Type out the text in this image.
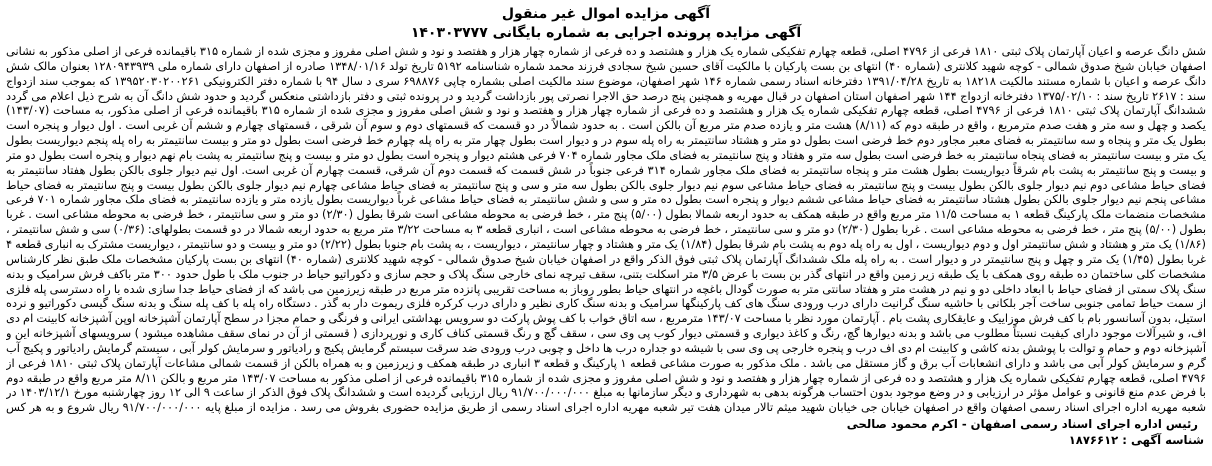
آگهی مزایده اموال غیر منقول
آگهی مزایده پرونده اجرایی به شماره بایگانی ۱۴۰۳۰۳۷۷۷
شش دانگ عرصه و اعیان آپارتمان پلاک ثبتی ۱۸۱۰ فرعی از ۴۷۹۶ اصلی، قطعه چهارم تفکیکی شماره یک هزار و هشتصد و ده فرعی از شماره چهار هزار و هفتصد و نود و شش اصلی مفروز و مجزی شده از شماره ۳۱۵ باقیمانده فرعی از اصلی مذکور به نشانی اصفهان خیابان شیخ صدوق شمالی - کوچه شهید کلانتری (شماره ۴۰) انتهای بن بست پارکیان با مالکیت آقای حسین شیخ سجادی فرزند محمد شماره شناسنامه ۵۱۹۲ تاریخ تولد ۱۳۴۸/۰۱/۱۶ صادره از اصفهان دارای شماره ملی ۱۲۸۰۹۴۳۹۳۹ بعنوان مالک شش دانگ عرصه و اعیان با شماره مستند مالکیت ۱۸۲۱۸ به تاریخ ۱۳۹۱/۰۴/۲۸ دفترخانه اسناد رسمی شماره ۱۴۶ شهر اصفهان، موضوع سند مالکیت اصلی بشماره چاپی ۶۹۸۸۷۶ سری د سال ۹۴ با شماره دفتر الکترونیکی ۱۳۹۵۲۰۳۰۲۰۰۲۶۱ که بموجب سند ازدواج سند : ۲۶۱۷ تاریخ سند : ۱۳۷۵/۰۲/۱۰ دفترخانه ازدواج ۱۴۴ شهر اصفهان استان اصفهان در قبال مهریه و همچنین پنج درصد حق الاجرا نصرتی پور بازداشت گردید و در پرونده ثبتی و دفتر بازداشتی منعکس گردید و حدود شش دانگ آن به شرح ذیل اعلام می گردد ششدانگ آپارتمان پلاک ثبتی ۱۸۱۰ فرعی از ۴۷۹۶ اصلی، قطعه چهارم تفکیکی شماره یک هزار و هشتصد و ده فرعی از شماره چهار هزار و هفتصد و نود و شش اصلی مفروز و مجزی شده از شماره ۳۱۵ باقیمانده فرعی از اصلی مذکور، به مساحت (۱۴۳/۰۷) یکصد و چهل و سه متر و هفت صدم مترمربع ، واقع در طبقه دوم که (۸/۱۱) هشت متر و یازده صدم متر مربع آن بالکن است . به حدود شمالاً در دو قسمت که قسمتهای دوم و سوم آن شرقی ، قسمتهای چهارم و ششم آن غربی است . اول دیوار و پنجره است بطول یک متر و پنجاه و سه سانتیمتر به فضای معبر مجاور دوم خط فرضی است بطول دو متر و هشتاد سانتیمتر به راه پله سوم در و دیوار است بطول چهار متر به راه پله چهارم خط فرضی است بطول دو متر و بیست سانتیمتر به راه پله پنجم دیواریست بطول یک متر و بیست سانتیمتر به فضای پنجاه سانتیمتر به خط فرضی است بطول سه متر و هفتاد و پنج سانتیمتر به فضای ملک مجاور شماره ۷۰۴ فرعی هشتم دیوار و پنجره است بطول دو متر و بیست و پنج سانتیمتر به پشت بام نهم دیوار و پنجره است بطول دو متر و بیست و پنج سانتیمتر به پشت بام شرقاً دیواریست بطول هشت متر و پنجاه سانتیمتر به فضای ملک مجاور شماره ۳۱۴ فرعی جنوباً در شش قسمت که قسمت دوم آن شرقی، قسمت چهارم آن غربی است. اول نیم دیوار جلوی بالکن بطول هفتاد سانتیمتر به فضای حیاط مشاعی دوم نیم دیوار جلوی بالکن بطول بیست و پنج سانتیمتر به فضای حیاط مشاعی سوم نیم دیوار جلوی بالکن بطول سه متر و سی و پنج سانتیمتر به فضای حیاط مشاعی چهارم نیم دیوار جلوی بالکن بطول بیست و پنج سانتیمتر به فضای حیاط مشاعی پنجم نیم دیوار جلوی بالکن بطول هشتاد سانتیمتر به فضای حیاط مشاعی ششم دیوار و پنجره است بطول ده متر و سی و شش سانتیمتر به فضای حیاط مشاعی غرباً دیواریست بطول یازده متر و یازده سانتیمتر به فضای ملک مجاور شماره ۷۰۱ فرعی مشخصات منضمات ملک پارکینگ قطعه ۱ به مساحت ۱۱/۵ متر مربع واقع در طبقه همکف به حدود اربعه شمالا بطول (۵/۰۰) پنج متر ، خط فرضی به محوطه مشاعی است شرقا بطول (۲/۳۰) دو متر و سی سانتیمتر ، خط فرضی به محوطه مشاعی است . غربا بطول (۵/۰۰) پنج متر ، خط فرضی به محوطه مشاعی است . غربا بطول (۲/۳۰) دو متر و سی سانتیمتر ، خط فرضی به محوطه مشاعی است ، انباری قطعه ۳ به مساحت ۳/۲۲ متر مربع به حدود اربعه شمالا در دو قسمت بطولهای: (۰/۳۶) سی و شش سانتیمتر ، (۱/۸۶) یک متر و هشتاد و شش سانتیمتر اول و دوم دیواریست ، اول به راه پله دوم به پشت بام شرقا بطول (۱/۸۴) یک متر و هشتاد و چهار سانتیمتر ، دیواریست ، به پشت بام جنوبا بطول (۲/۲۲) دو متر و بیست و دو سانتیمتر ، دیواریست مشترک به انباری قطعه ۴ غربا بطول (۱/۴۵) یک متر و چهل و پنج سانتیمتر در و دیوار است . به راه پله ملک ششدانگ آپارتمان پلاک ثبتی فوق الذکر واقع در اصفهان خیابان شیخ صدوق شمالی - کوچه شهید کلانتری (شماره ۴۰) انتهای بن بست پارکیان مشخصات ملک طبق نظر کارشناس مشخصات کلی ساختمان ده طبقه روی همکف با یک طبقه زیر زمین واقع در انتهای گذر بن بست با عرض ۳/۵ متر اسکلت بتنی، سقف تیرچه نمای خارجی سنگ پلاک و حجم سازی و دکوراتیو حیاط در جنوب ملک با طول حدود ۳۰۰ متر باکف فرش سرامیک و بدنه سنگ پلاک سمتی از فضای حیاط با ابعاد داخلی دو و نیم در هشت متر و هفتاد سانتی متر به صورت گودال باغچه در انتهای حیاط بطور روباز به مساحت تقریبی پانزده متر مربع در طبقه زیرزمین می باشد که از فضای حیاط جدا سازی شده با راه دسترسی پله فلزی از سمت حیاط تمامی جنوبی ساخت آجر بلکانی با حاشیه سنگ گرانیت دارای درب ورودی سنگ های کف پارکینگها سرامیک و بدنه سنگ کاری نظیر و دارای درب کرکره فلزی ریموت دار به گذر . دستگاه راه پله با کف پله سنگ و بدنه سنگ گیسی دکوراتیو و نرده استیل، بدون آسانسور بام با کف فرش موزاییک و عایقکاری پشت بام . آپارتمان مورد نظر با مساحت ۱۴۳/۰۷ مترمربع ، سه اتاق خواب با کف پوش پارکت دو سرویس بهداشتی ایرانی و فرنگی و حمام مجزا در سطح آپارتمان آشپزخانه اوپن آشپزخانه کابینت ام دی اف، و شیرآلات موجود دارای کیفیت نسبتاً مطلوب می باشد و بدنه دیوارها گچ، رنگ و کاغذ دیواری و قسمتی دیوار کوب پی وی سی ، سقف گچ و رنگ قسمتی کناف کاری و نورپردازی ( قسمتی از آن در نمای سقف مشاهده میشود ) سرویسهای آشپزخانه این و آشپزخانه دوم و حمام و توالت با پوشش بدنه کاشی و کابینت ام دی اف درب و پنجره خارجی پی وی سی با شیشه دو جداره درب ها داخل و چوبی درب ورودی ضد سرقت سیستم گرمایش پکیج و رادیاتور و سرمایش کولر آبی ، سیستم گرمایش رادیاتور و پکیج آب گرم و سرمایش کولر آبی می باشد و دارای انشعابات آب برق و گاز مستقل می باشد . ملک مذکور به صورت مشاعی قطعه ۱ پارکینگ و قطعه ۳ انباری در طبقه همکف و زیرزمین و به همراه بالکن از قسمت شمالی مشاعات آپارتمان پلاک ثبتی ۱۸۱۰ فرعی از ۴۷۹۶ اصلی، قطعه چهارم تفکیکی شماره یک هزار و هشتصد و ده فرعی از شماره چهار هزار و هفتصد و نود و شش اصلی مفروز و مجزی شده از شماره ۳۱۵ باقیمانده فرعی از اصلی مذکور به مساحت ۱۴۳/۰۷ متر مربع و بالکن ۸/۱۱ متر مربع واقع در طبقه دوم با فرض عدم منع قانونی و عوامل مؤثر در ارزیابی و در وضع موجود بدون احتساب هرگونه بدهی به شهرداری و دیگر سازمانها به مبلغ ۹۱/۷۰۰/۰۰۰/۰۰۰ ریال ارزیابی گردیده است و ششدانگ پلاک فوق الذکر از ساعت ۹ الی ۱۲ روز چهارشنبه مورخ ۱۴۰۳/۱۲/۱ در شعبه مهریه اداره اجرای اسناد رسمی اصفهان واقع در اصفهان خیابان جی خیابان شهید میثم تالار میدان هفت تیر شعبه مهریه اداره اجرای اسناد رسمی از طریق مزایده حضوری بفروش می رسد . مزایده از مبلغ پایه ۹۱/۷۰۰/۰۰۰/۰۰۰ ریال شروع و به هر کس
رئیس اداره اجرای اسناد رسمی اصفهان - اکرم محمود صالحی
شناسه آگهی : ۱۸۷۶۶۱۲
